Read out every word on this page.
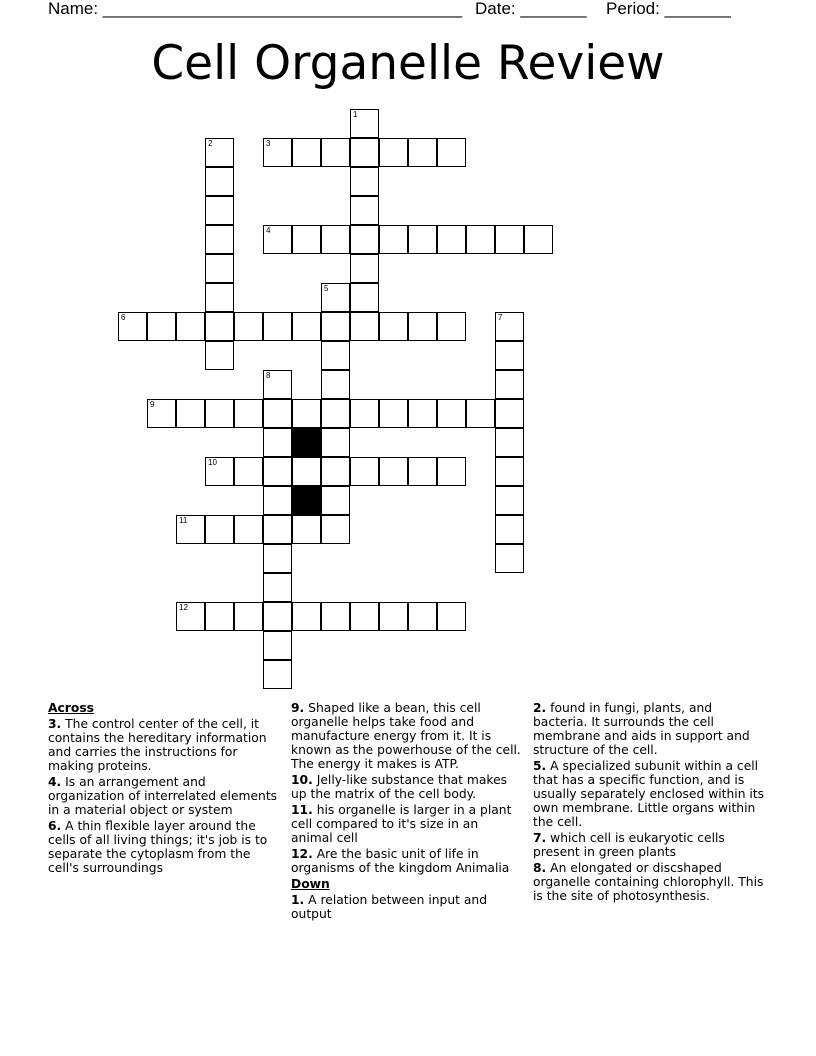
Name: ______________________________________ Date: _______ Period: _______
Cell Organelle Review
1
2	3
4
5
6	7
8
9
10
11
12
Across
3. The control center of the cell, it contains the hereditary information and carries the instructions for making proteins.
4. Is an arrangement and organization of interrelated elements in a material object or system
6. A thin flexible layer around the cells of all living things; it's job is to separate the cytoplasm from the cell's surroundings
9. Shaped like a bean, this cell organelle helps take food and manufacture energy from it. It is known as the powerhouse of the cell. The energy it makes is ATP.
10. Jelly-like substance that makes up the matrix of the cell body.
11. his organelle is larger in a plant cell compared to it's size in an animal cell
12. Are the basic unit of life in organisms of the kingdom Animalia
Down
1. A relation between input and output
2. found in fungi, plants, and bacteria. It surrounds the cell membrane and aids in support and structure of the cell.
5. A specialized subunit within a cell that has a specific function, and is usually separately enclosed within its own membrane. Little organs within the cell.
7. which cell is eukaryotic cells present in green plants
8. An elongated or discshaped organelle containing chlorophyll. This is the site of photosynthesis.
